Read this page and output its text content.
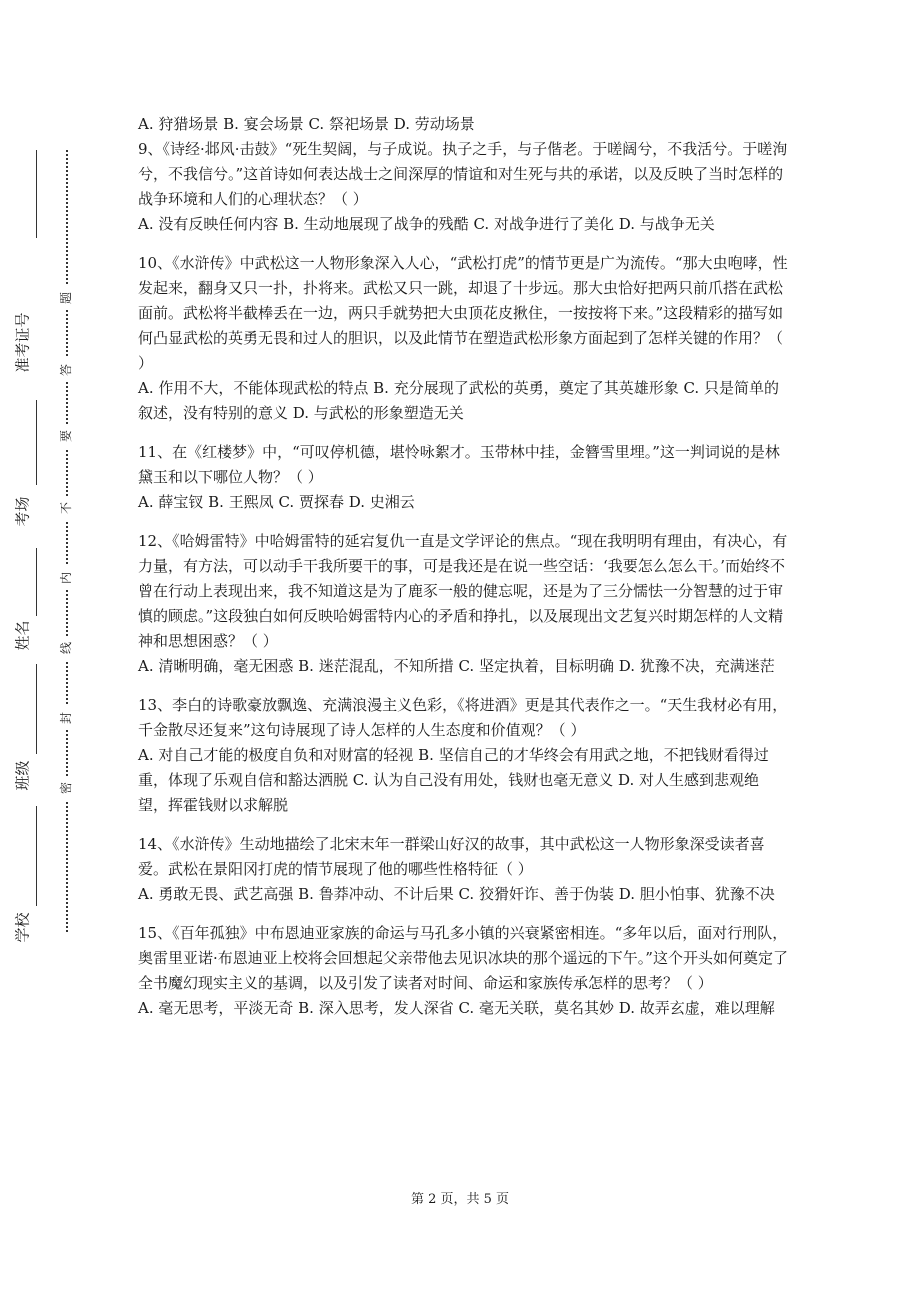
准考证号
考场
姓名
班级
学校
题
答
要
不
内
线
封
密

A. 狩猎场景 B. 宴会场景 C. 祭祀场景 D. 劳动场景

9、《诗经·邶风·击鼓》“死生契阔，与子成说。执子之手，与子偕老。于嗟阔兮，不我活兮。于嗟洵兮，不我信兮。”这首诗如何表达战士之间深厚的情谊和对生死与共的承诺，以及反映了当时怎样的战争环境和人们的心理状态？（ ）

A. 没有反映任何内容 B. 生动地展现了战争的残酷 C. 对战争进行了美化 D. 与战争无关

10、《水浒传》中武松这一人物形象深入人心，“武松打虎”的情节更是广为流传。“那大虫咆哮，性发起来，翻身又只一扑，扑将来。武松又只一跳，却退了十步远。那大虫恰好把两只前爪搭在武松面前。武松将半截棒丢在一边，两只手就势把大虫顶花皮揪住，一按按将下来。”这段精彩的描写如何凸显武松的英勇无畏和过人的胆识，以及此情节在塑造武松形象方面起到了怎样关键的作用？（ ）

A. 作用不大，不能体现武松的特点 B. 充分展现了武松的英勇，奠定了其英雄形象 C. 只是简单的叙述，没有特别的意义 D. 与武松的形象塑造无关

11、在《红楼梦》中，“可叹停机德，堪怜咏絮才。玉带林中挂，金簪雪里埋。”这一判词说的是林黛玉和以下哪位人物？（ ）

A. 薛宝钗 B. 王熙凤 C. 贾探春 D. 史湘云

12、《哈姆雷特》中哈姆雷特的延宕复仇一直是文学评论的焦点。“现在我明明有理由，有决心，有力量，有方法，可以动手干我所要干的事，可是我还是在说一些空话：‘我要怎么怎么干。’而始终不曾在行动上表现出来，我不知道这是为了鹿豕一般的健忘呢，还是为了三分懦怯一分智慧的过于审慎的顾虑。”这段独白如何反映哈姆雷特内心的矛盾和挣扎，以及展现出文艺复兴时期怎样的人文精神和思想困惑？（ ）

A. 清晰明确，毫无困惑 B. 迷茫混乱，不知所措 C. 坚定执着，目标明确 D. 犹豫不决，充满迷茫

13、李白的诗歌豪放飘逸、充满浪漫主义色彩，《将进酒》更是其代表作之一。“天生我材必有用，千金散尽还复来”这句诗展现了诗人怎样的人生态度和价值观？（ ）

A. 对自己才能的极度自负和对财富的轻视 B. 坚信自己的才华终会有用武之地，不把钱财看得过重，体现了乐观自信和豁达洒脱 C. 认为自己没有用处，钱财也毫无意义 D. 对人生感到悲观绝望，挥霍钱财以求解脱

14、《水浒传》生动地描绘了北宋末年一群梁山好汉的故事，其中武松这一人物形象深受读者喜爱。武松在景阳冈打虎的情节展现了他的哪些性格特征（ ）

A. 勇敢无畏、武艺高强 B. 鲁莽冲动、不计后果 C. 狡猾奸诈、善于伪装 D. 胆小怕事、犹豫不决

15、《百年孤独》中布恩迪亚家族的命运与马孔多小镇的兴衰紧密相连。“多年以后，面对行刑队，奥雷里亚诺·布恩迪亚上校将会回想起父亲带他去见识冰块的那个遥远的下午。”这个开头如何奠定了全书魔幻现实主义的基调，以及引发了读者对时间、命运和家族传承怎样的思考？（ ）

A. 毫无思考，平淡无奇 B. 深入思考，发人深省 C. 毫无关联，莫名其妙 D. 故弄玄虚，难以理解

第 2 页，共 5 页
